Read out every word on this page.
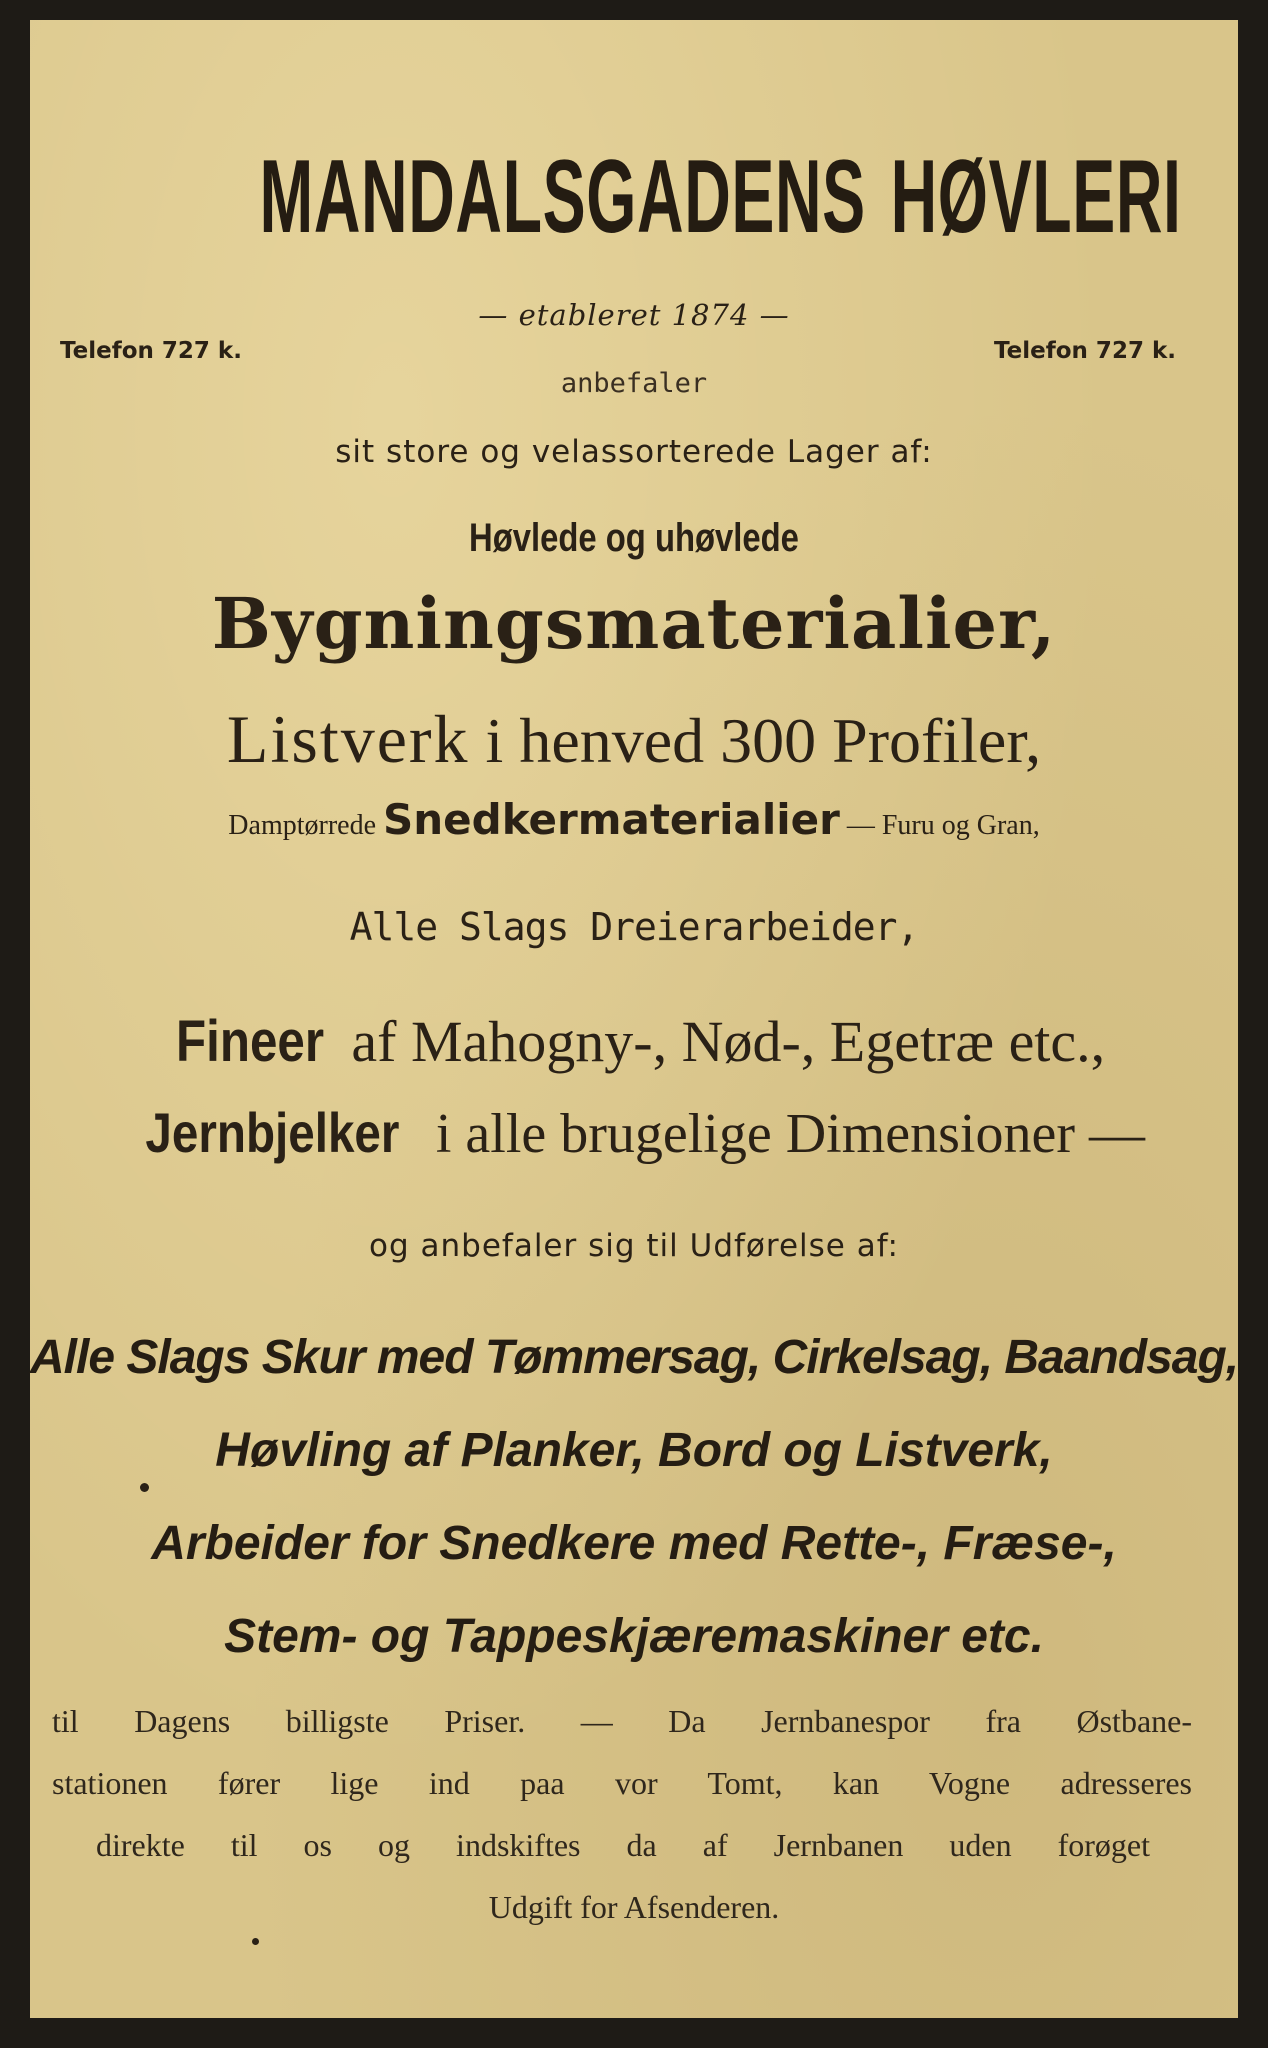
MANDALSGADENS HØVLERI
— etableret 1874 —
Telefon 727 k.	Telefon 727 k.
anbefaler
sit store og velassorterede Lager af:
Høvlede og uhøvlede
Bygningsmaterialier,
Listverk i henved 300 Profiler,
Damptørrede Snedkermaterialier — Furu og Gran,
Alle Slags Dreierarbeider,
Fineer af Mahogny-, Nød-, Egetræ etc.,
Jernbjelker i alle brugelige Dimensioner —
og anbefaler sig til Udførelse af:
Alle Slags Skur med Tømmersag, Cirkelsag, Baandsag,
Høvling af Planker, Bord og Listverk,
Arbeider for Snedkere med Rette-, Fræse-,
Stem- og Tappeskjæremaskiner etc.
til Dagens billigste Priser. — Da Jernbanespor fra Østbane-
stationen fører lige ind paa vor Tomt, kan Vogne adresseres
direkte til os og indskiftes da af Jernbanen uden forøget
Udgift for Afsenderen.
